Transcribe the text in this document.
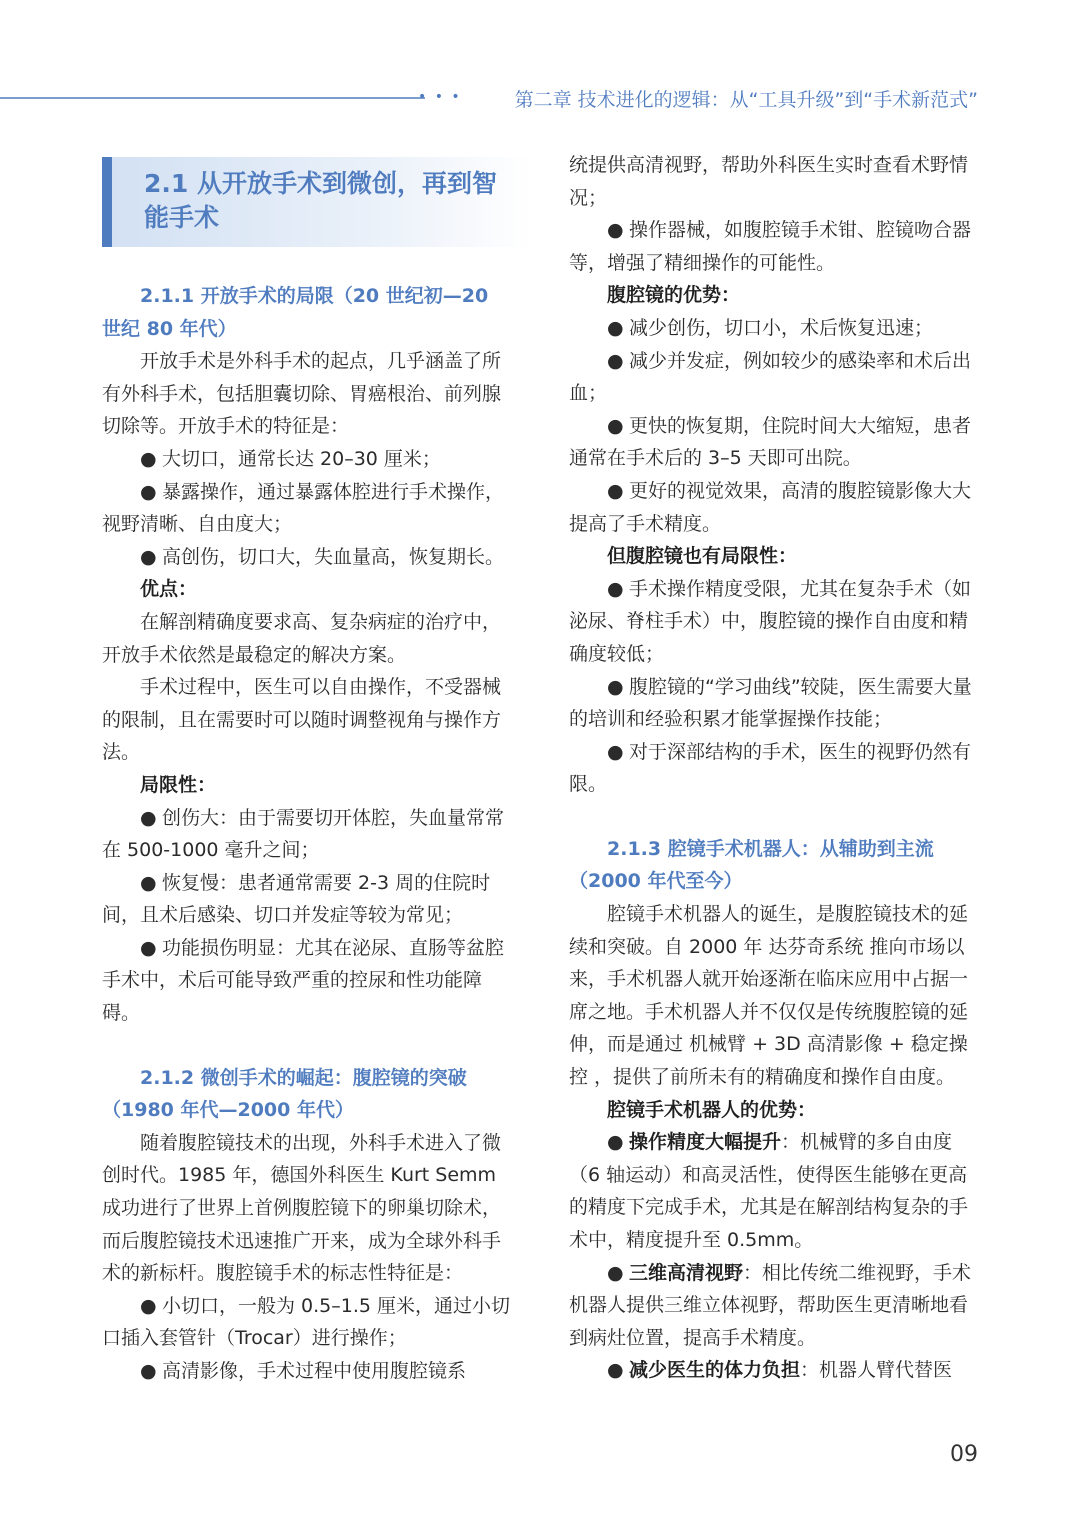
• • •	第二章 技术进化的逻辑：从“工具升级”到“手术新范式”
2.1 从开放手术到微创，再到智能手术

2.1.1 开放手术的局限（20 世纪初—20 世纪 80 年代）

开放手术是外科手术的起点，几乎涵盖了所有外科手术，包括胆囊切除、胃癌根治、前列腺切除等。开放手术的特征是：

● 大切口，通常长达 20–30 厘米；

● 暴露操作，通过暴露体腔进行手术操作，视野清晰、自由度大；

● 高创伤，切口大，失血量高，恢复期长。

优点：

在解剖精确度要求高、复杂病症的治疗中，开放手术依然是最稳定的解决方案。

手术过程中，医生可以自由操作，不受器械的限制，且在需要时可以随时调整视角与操作方法。

局限性：

● 创伤大：由于需要切开体腔，失血量常常在 500-1000 毫升之间；

● 恢复慢：患者通常需要 2-3 周的住院时间，且术后感染、切口并发症等较为常见；

● 功能损伤明显：尤其在泌尿、直肠等盆腔手术中，术后可能导致严重的控尿和性功能障碍。

2.1.2 微创手术的崛起：腹腔镜的突破（1980 年代—2000 年代）

随着腹腔镜技术的出现，外科手术进入了微创时代。1985 年，德国外科医生 Kurt Semm 成功进行了世界上首例腹腔镜下的卵巢切除术，而后腹腔镜技术迅速推广开来，成为全球外科手术的新标杆。腹腔镜手术的标志性特征是：

● 小切口，一般为 0.5–1.5 厘米，通过小切口插入套管针（Trocar）进行操作；

● 高清影像，手术过程中使用腹腔镜系

统提供高清视野，帮助外科医生实时查看术野情况；

● 操作器械，如腹腔镜手术钳、腔镜吻合器等，增强了精细操作的可能性。

腹腔镜的优势：

● 减少创伤，切口小，术后恢复迅速；

● 减少并发症，例如较少的感染率和术后出血；

● 更快的恢复期，住院时间大大缩短，患者通常在手术后的 3–5 天即可出院。

● 更好的视觉效果，高清的腹腔镜影像大大提高了手术精度。

但腹腔镜也有局限性：

● 手术操作精度受限，尤其在复杂手术（如泌尿、脊柱手术）中，腹腔镜的操作自由度和精确度较低；

● 腹腔镜的“学习曲线”较陡，医生需要大量的培训和经验积累才能掌握操作技能；

● 对于深部结构的手术，医生的视野仍然有限。

2.1.3 腔镜手术机器人：从辅助到主流（2000 年代至今）

腔镜手术机器人的诞生，是腹腔镜技术的延续和突破。自 2000 年 达芬奇系统 推向市场以来，手术机器人就开始逐渐在临床应用中占据一席之地。手术机器人并不仅仅是传统腹腔镜的延伸，而是通过 机械臂 + 3D 高清影像 + 稳定操控 ，提供了前所未有的精确度和操作自由度。

腔镜手术机器人的优势：

● 操作精度大幅提升：机械臂的多自由度（6 轴运动）和高灵活性，使得医生能够在更高的精度下完成手术，尤其是在解剖结构复杂的手术中，精度提升至 0.5mm。

● 三维高清视野：相比传统二维视野，手术机器人提供三维立体视野，帮助医生更清晰地看到病灶位置，提高手术精度。

● 减少医生的体力负担：机器人臂代替医

09
